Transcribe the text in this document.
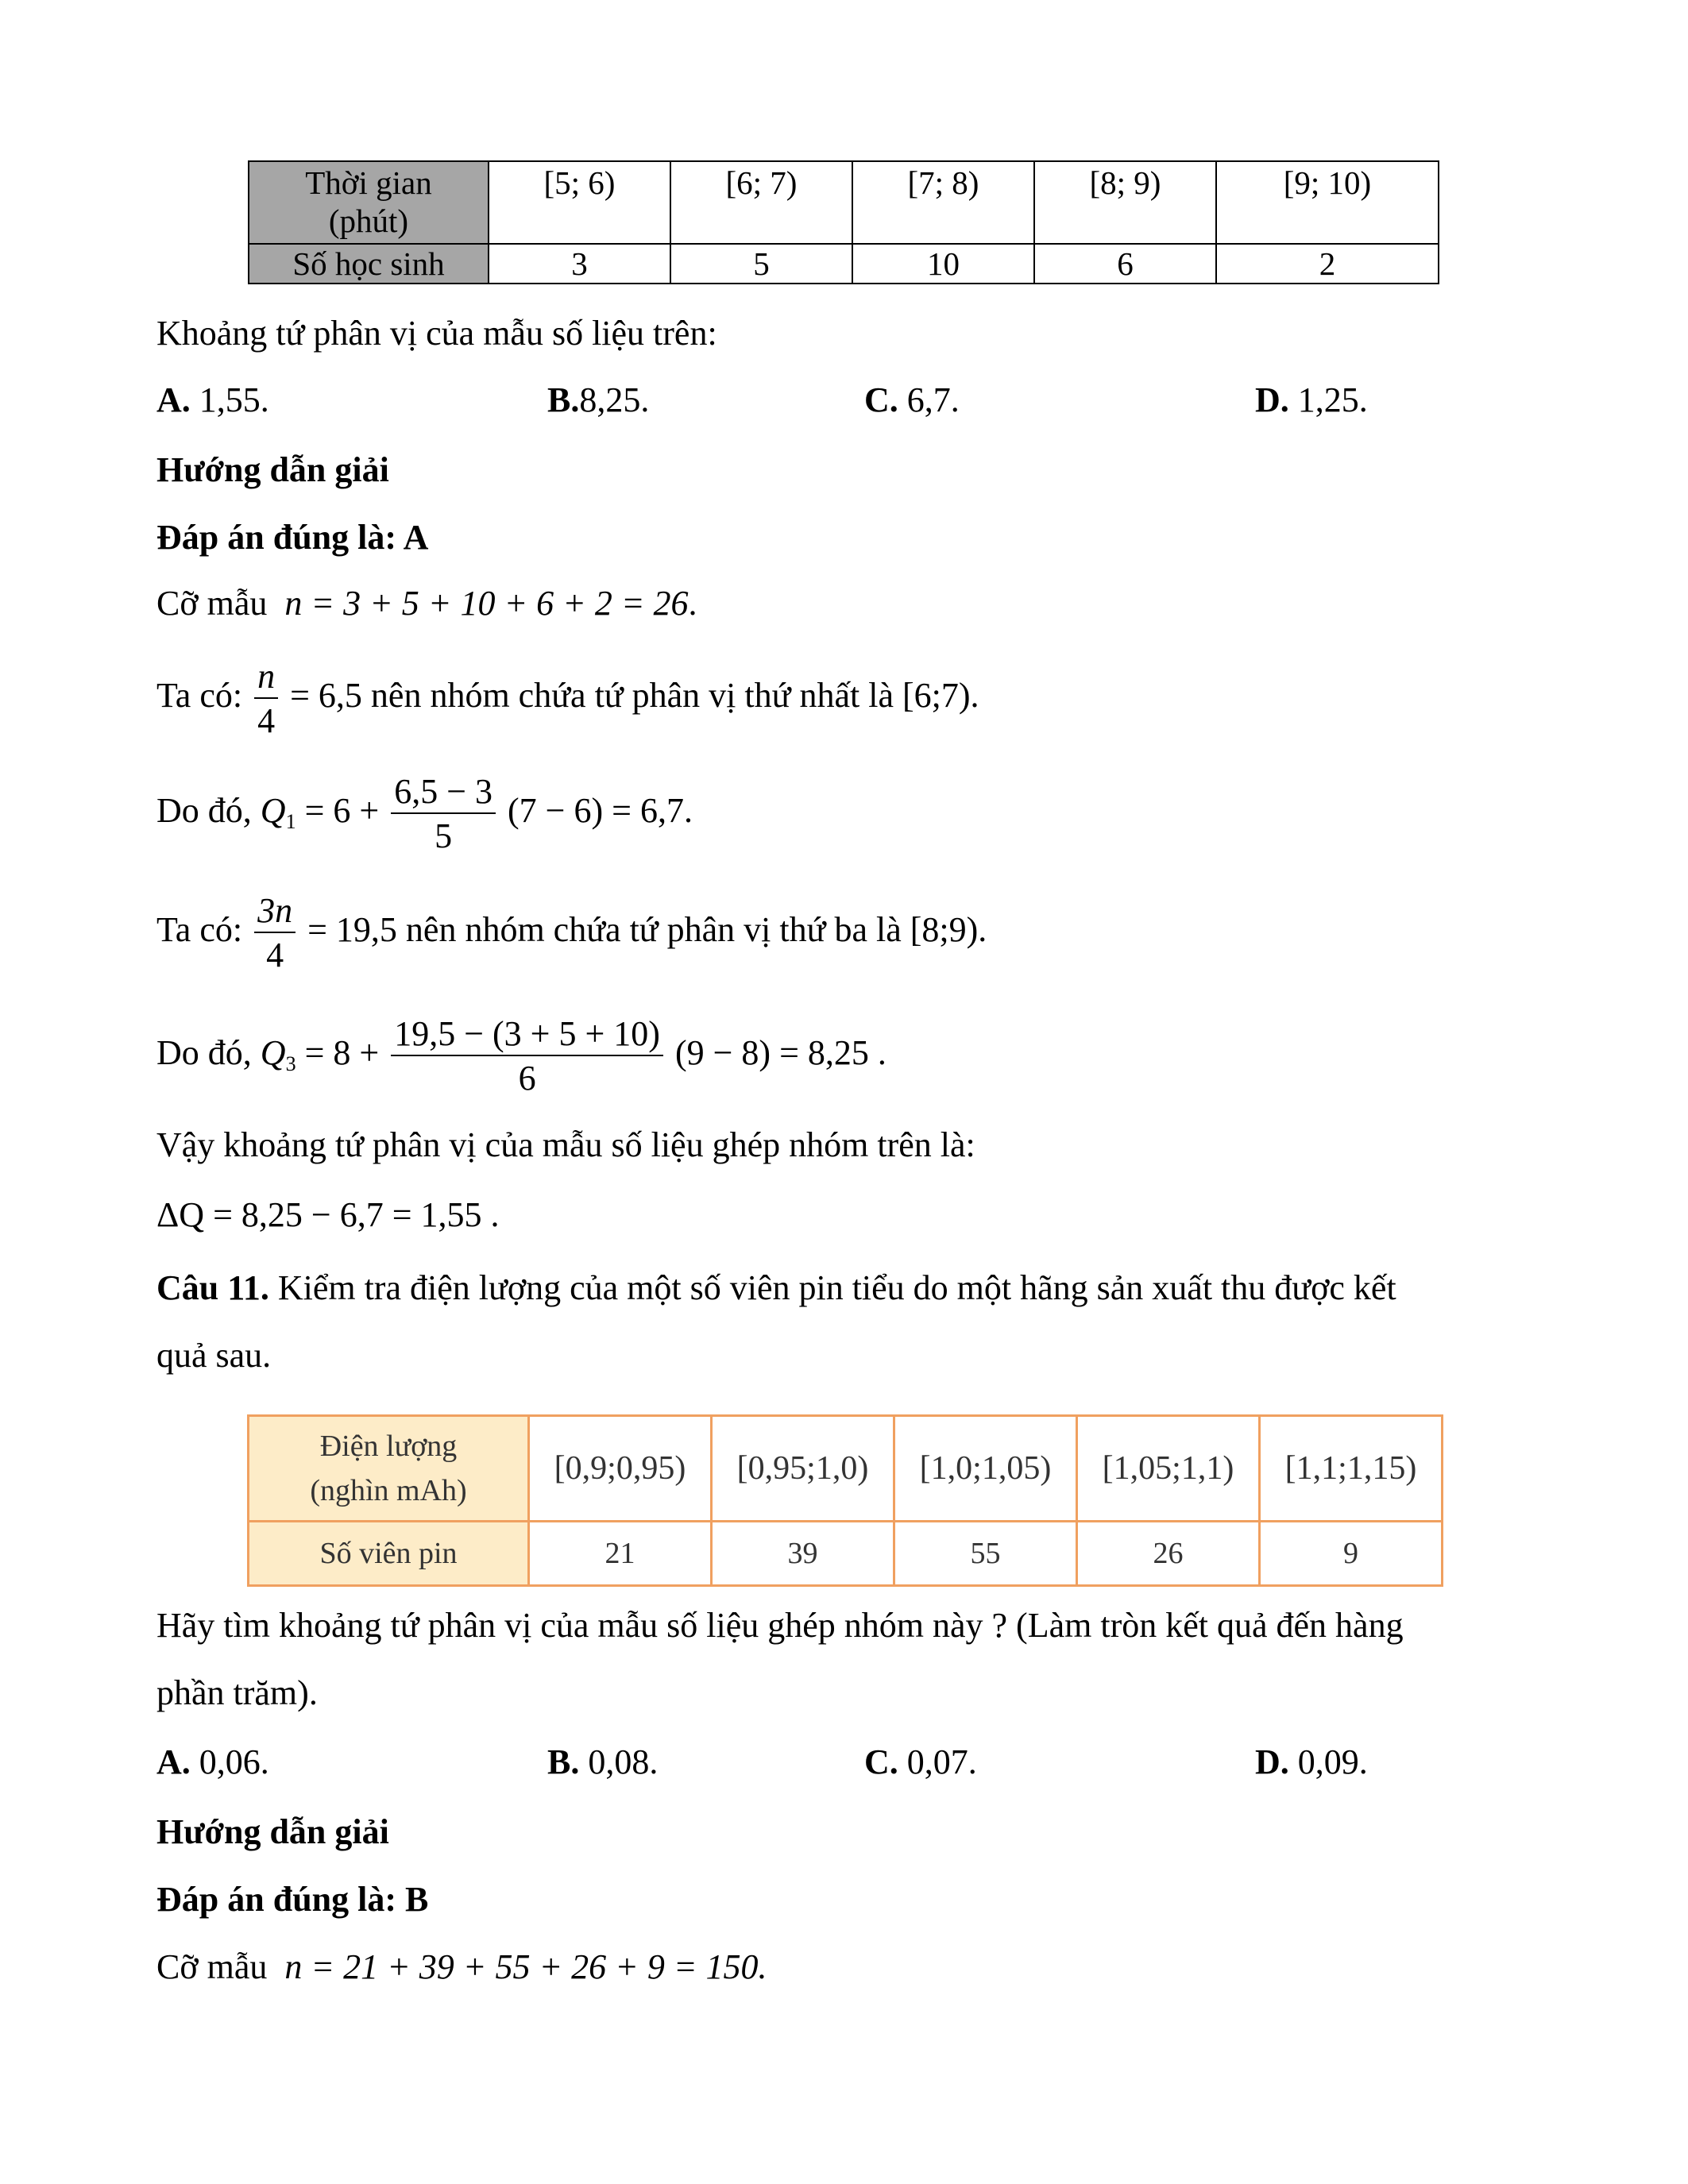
Thời gian
(phút)	[5; 6)	[6; 7)	[7; 8)	[8; 9)	[9; 10)
Số học sinh	3	5	10	6	2
Khoảng tứ phân vị của mẫu số liệu trên:
A. 1,55.	B.8,25.	C. 6,7.	D. 1,25.
Hướng dẫn giải
Đáp án đúng là: A
Cỡ mẫu n = 3 + 5 + 10 + 6 + 2 = 26.
Ta có: $\frac{n}{4} = 6,5$ nên nhóm chứa tứ phân vị thứ nhất là [6;7).
Do đó, $Q_1 = 6 + \frac{6,5 - 3}{5} (7 - 6) = 6,7$.
Ta có: $\frac{3n}{4} = 19,5$ nên nhóm chứa tứ phân vị thứ ba là [8;9).
Do đó, $Q_3 = 8 + \frac{19,5 - (3 + 5 + 10)}{6} (9 - 8) = 8,25$ .
Vậy khoảng tứ phân vị của mẫu số liệu ghép nhóm trên là:
ΔQ = 8,25 − 6,7 = 1,55 .
Câu 11. Kiểm tra điện lượng của một số viên pin tiểu do một hãng sản xuất thu được kết
quả sau.
Điện lượng
(nghìn mAh)	[0,9;0,95)	[0,95;1,0)	[1,0;1,05)	[1,05;1,1)	[1,1;1,15)
Số viên pin	21	39	55	26	9
Hãy tìm khoảng tứ phân vị của mẫu số liệu ghép nhóm này ? (Làm tròn kết quả đến hàng
phần trăm).
A. 0,06.	B. 0,08.	C. 0,07.	D. 0,09.
Hướng dẫn giải
Đáp án đúng là: B
Cỡ mẫu n = 21 + 39 + 55 + 26 + 9 = 150.
